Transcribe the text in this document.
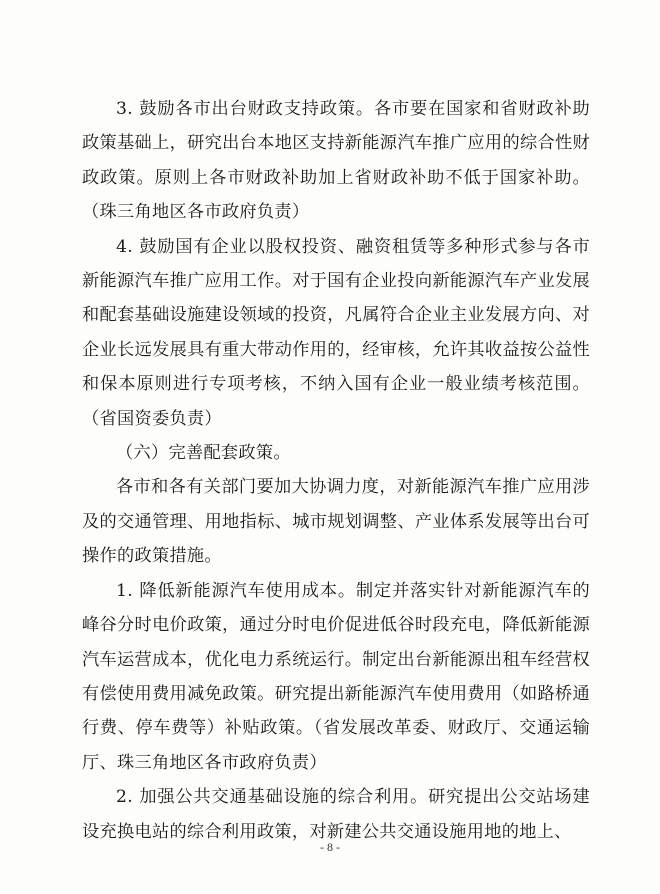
3. 鼓励各市出台财政支持政策。各市要在国家和省财政补助政策基础上，研究出台本地区支持新能源汽车推广应用的综合性财政政策。原则上各市财政补助加上省财政补助不低于国家补助。（珠三角地区各市政府负责）

4. 鼓励国有企业以股权投资、融资租赁等多种形式参与各市新能源汽车推广应用工作。对于国有企业投向新能源汽车产业发展和配套基础设施建设领域的投资，凡属符合企业主业发展方向、对企业长远发展具有重大带动作用的，经审核，允许其收益按公益性和保本原则进行专项考核，不纳入国有企业一般业绩考核范围。（省国资委负责）

（六）完善配套政策。

各市和各有关部门要加大协调力度，对新能源汽车推广应用涉及的交通管理、用地指标、城市规划调整、产业体系发展等出台可操作的政策措施。

1. 降低新能源汽车使用成本。制定并落实针对新能源汽车的峰谷分时电价政策，通过分时电价促进低谷时段充电，降低新能源汽车运营成本，优化电力系统运行。制定出台新能源出租车经营权有偿使用费用减免政策。研究提出新能源汽车使用费用（如路桥通行费、停车费等）补贴政策。（省发展改革委、财政厅、交通运输厅、珠三角地区各市政府负责）

2. 加强公共交通基础设施的综合利用。研究提出公交站场建设充换电站的综合利用政策，对新建公共交通设施用地的地上、

- 8 -
